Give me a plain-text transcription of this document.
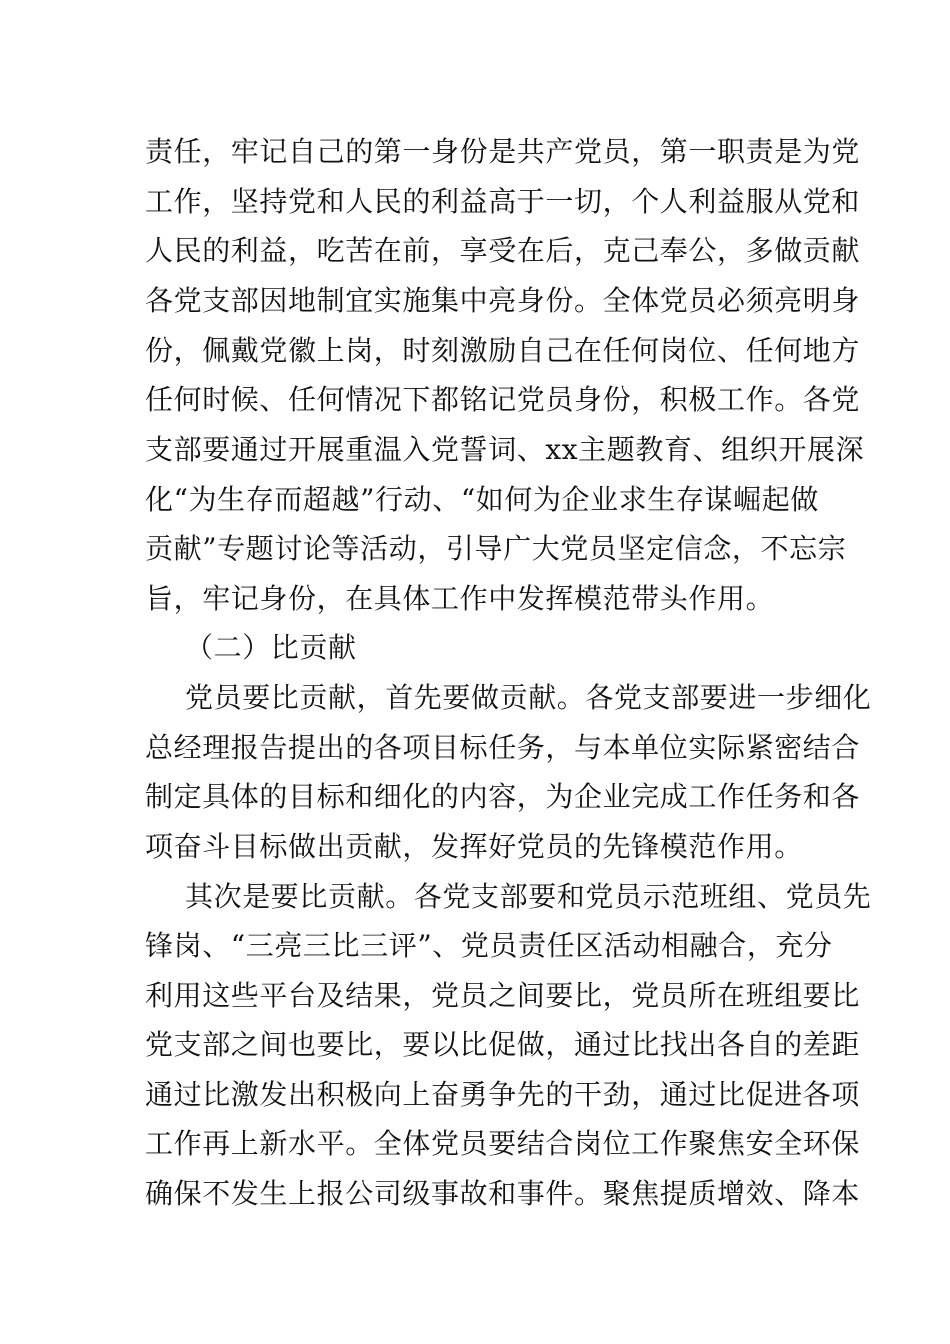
责任，牢记自己的第一身份是共产党员，第一职责是为党
工作，坚持党和人民的利益高于一切，个人利益服从党和
人民的利益，吃苦在前，享受在后，克己奉公，多做贡献
各党支部因地制宜实施集中亮身份。全体党员必须亮明身
份，佩戴党徽上岗，时刻激励自己在任何岗位、任何地方
任何时候、任何情况下都铭记党员身份，积极工作。各党
支部要通过开展重温入党誓词、xx主题教育、组织开展深
化“为生存而超越”行动、“如何为企业求生存谋崛起做
贡献”专题讨论等活动，引导广大党员坚定信念，不忘宗
旨，牢记身份，在具体工作中发挥模范带头作用。
（二）比贡献
党员要比贡献，首先要做贡献。各党支部要进一步细化
总经理报告提出的各项目标任务，与本单位实际紧密结合
制定具体的目标和细化的内容，为企业完成工作任务和各
项奋斗目标做出贡献，发挥好党员的先锋模范作用。
其次是要比贡献。各党支部要和党员示范班组、党员先
锋岗、“三亮三比三评”、党员责任区活动相融合，充分
利用这些平台及结果，党员之间要比，党员所在班组要比
党支部之间也要比，要以比促做，通过比找出各自的差距
通过比激发出积极向上奋勇争先的干劲，通过比促进各项
工作再上新水平。全体党员要结合岗位工作聚焦安全环保
确保不发生上报公司级事故和事件。聚焦提质增效、降本
